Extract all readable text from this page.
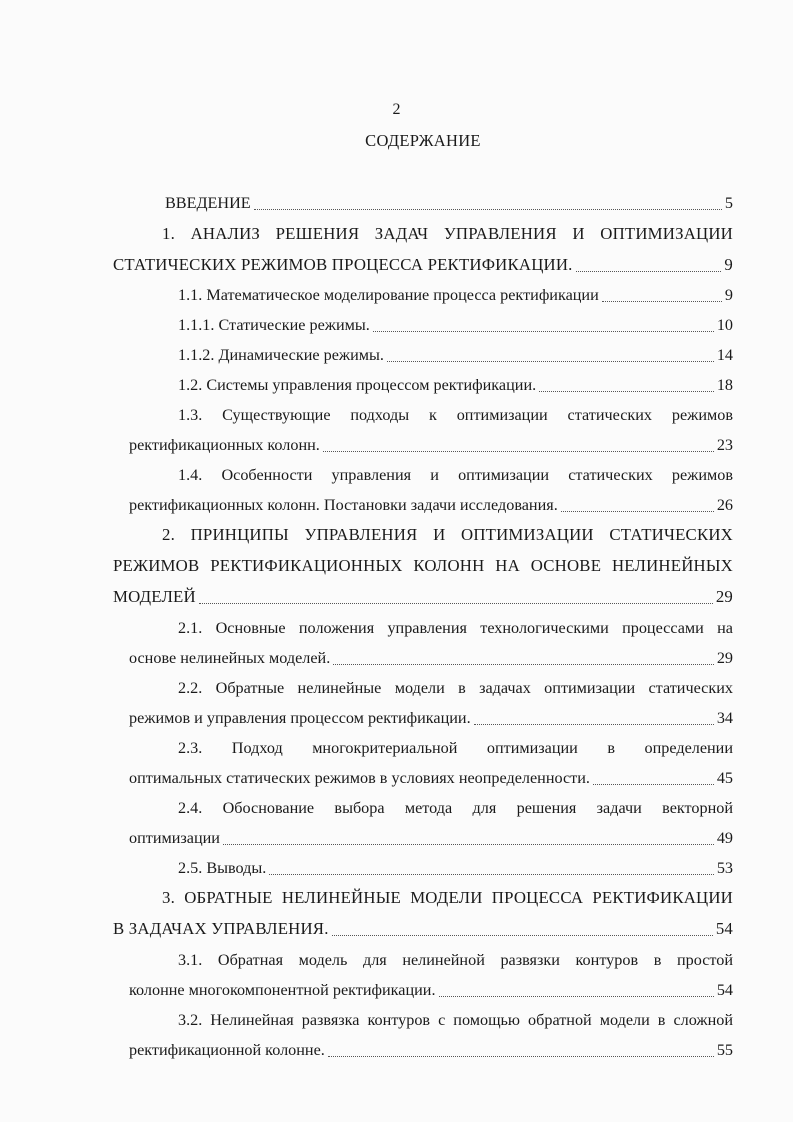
2
СОДЕРЖАНИЕ
ВВЕДЕНИЕ	5
1. АНАЛИЗ РЕШЕНИЯ ЗАДАЧ УПРАВЛЕНИЯ И ОПТИМИЗАЦИИ
СТАТИЧЕСКИХ РЕЖИМОВ ПРОЦЕССА РЕКТИФИКАЦИИ.	9
1.1. Математическое моделирование процесса ректификации	9
1.1.1. Статические режимы.	10
1.1.2. Динамические режимы.	14
1.2. Системы управления процессом ректификации.	18
1.3. Существующие подходы к оптимизации статических режимов
ректификационных колонн.	23
1.4. Особенности управления и оптимизации статических режимов
ректификационных колонн. Постановки задачи исследования.	26
2. ПРИНЦИПЫ УПРАВЛЕНИЯ И ОПТИМИЗАЦИИ СТАТИЧЕСКИХ
РЕЖИМОВ РЕКТИФИКАЦИОННЫХ КОЛОНН НА ОСНОВЕ НЕЛИНЕЙНЫХ
МОДЕЛЕЙ	29
2.1. Основные положения управления технологическими процессами на
основе нелинейных моделей.	29
2.2. Обратные нелинейные модели в задачах оптимизации статических
режимов и управления процессом ректификации.	34
2.3. Подход многокритериальной оптимизации в определении
оптимальных статических режимов в условиях неопределенности.	45
2.4. Обоснование выбора метода для решения задачи векторной
оптимизации	49
2.5. Выводы.	53
3. ОБРАТНЫЕ НЕЛИНЕЙНЫЕ МОДЕЛИ ПРОЦЕССА РЕКТИФИКАЦИИ
В ЗАДАЧАХ УПРАВЛЕНИЯ.	54
3.1. Обратная модель для нелинейной развязки контуров в простой
колонне многокомпонентной ректификации.	54
3.2. Нелинейная развязка контуров с помощью обратной модели в сложной
ректификационной колонне.	55
